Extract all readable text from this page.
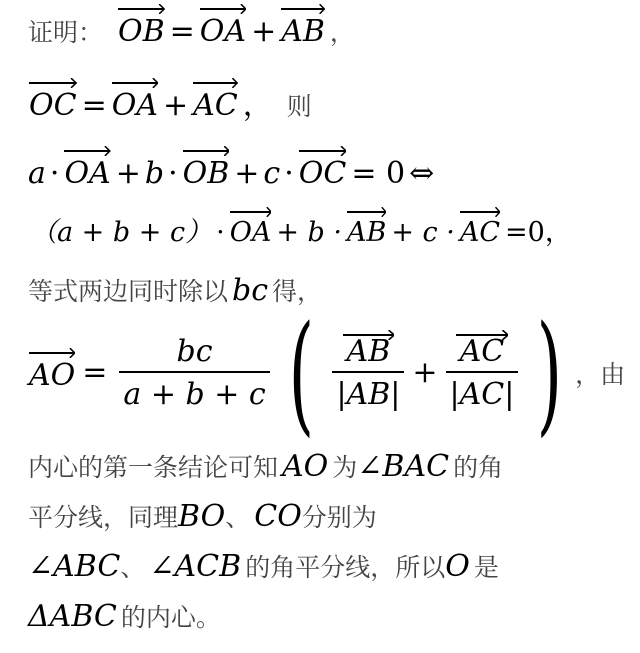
证明： OB = OA + AB ，
OC = OA + AC ， 则
a · OA + b · OB + c · OC = 0 ⇔
（a + b + c） · OA + b · AB + c · AC =0，
等式两边同时除以 bc 得，
AO = $\frac{bc}{a + b + c}$ ( $\frac{AB}{|AB|} + \frac{AC}{|AC|}$ ) ，由
内心的第一条结论可知 AO 为∠BAC 的角
平分线，同理BO、 CO分别为
∠ABC、 ∠ACB 的角平分线，所以O 是
ΔABC 的内心。
